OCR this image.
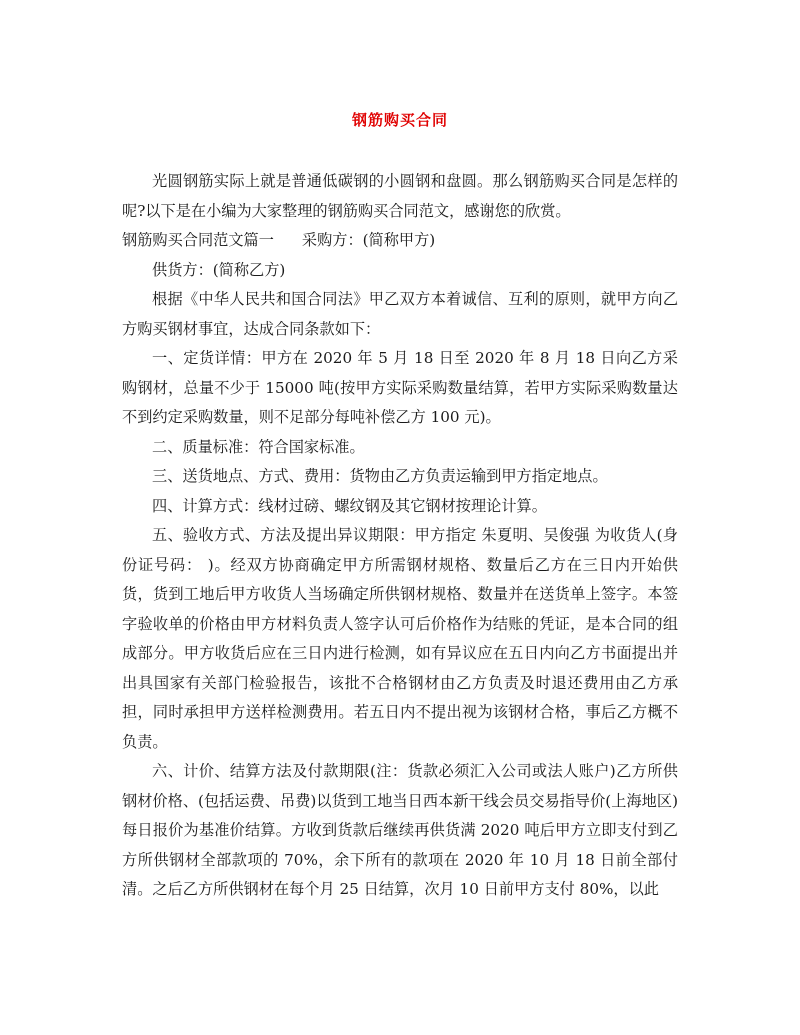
钢筋购买合同

光圆钢筋实际上就是普通低碳钢的小圆钢和盘圆。那么钢筋购买合同是怎样的呢?以下是在小编为大家整理的钢筋购买合同范文，感谢您的欣赏。

钢筋购买合同范文篇一 采购方：(简称甲方)

供货方：(简称乙方)

根据《中华人民共和国合同法》甲乙双方本着诚信、互利的原则，就甲方向乙方购买钢材事宜，达成合同条款如下：

一、定货详情：甲方在 2020 年 5 月 18 日至 2020 年 8 月 18 日向乙方采购钢材，总量不少于 15000 吨(按甲方实际采购数量结算，若甲方实际采购数量达不到约定采购数量，则不足部分每吨补偿乙方 100 元)。

二、质量标准：符合国家标准。

三、送货地点、方式、费用：货物由乙方负责运输到甲方指定地点。

四、计算方式：线材过磅、螺纹钢及其它钢材按理论计算。

五、验收方式、方法及提出异议期限：甲方指定 朱夏明、吴俊强 为收货人(身份证号码： )。经双方协商确定甲方所需钢材规格、数量后乙方在三日内开始供货，货到工地后甲方收货人当场确定所供钢材规格、数量并在送货单上签字。本签字验收单的价格由甲方材料负责人签字认可后价格作为结账的凭证，是本合同的组成部分。甲方收货后应在三日内进行检测，如有异议应在五日内向乙方书面提出并出具国家有关部门检验报告，该批不合格钢材由乙方负责及时退还费用由乙方承担，同时承担甲方送样检测费用。若五日内不提出视为该钢材合格，事后乙方概不负责。

六、计价、结算方法及付款期限(注：货款必须汇入公司或法人账户)乙方所供钢材价格、(包括运费、吊费)以货到工地当日西本新干线会员交易指导价(上海地区)每日报价为基准价结算。方收到货款后继续再供货满 2020 吨后甲方立即支付到乙方所供钢材全部款项的 70%，余下所有的款项在 2020 年 10 月 18 日前全部付清。之后乙方所供钢材在每个月 25 日结算，次月 10 日前甲方支付 80%，以此
